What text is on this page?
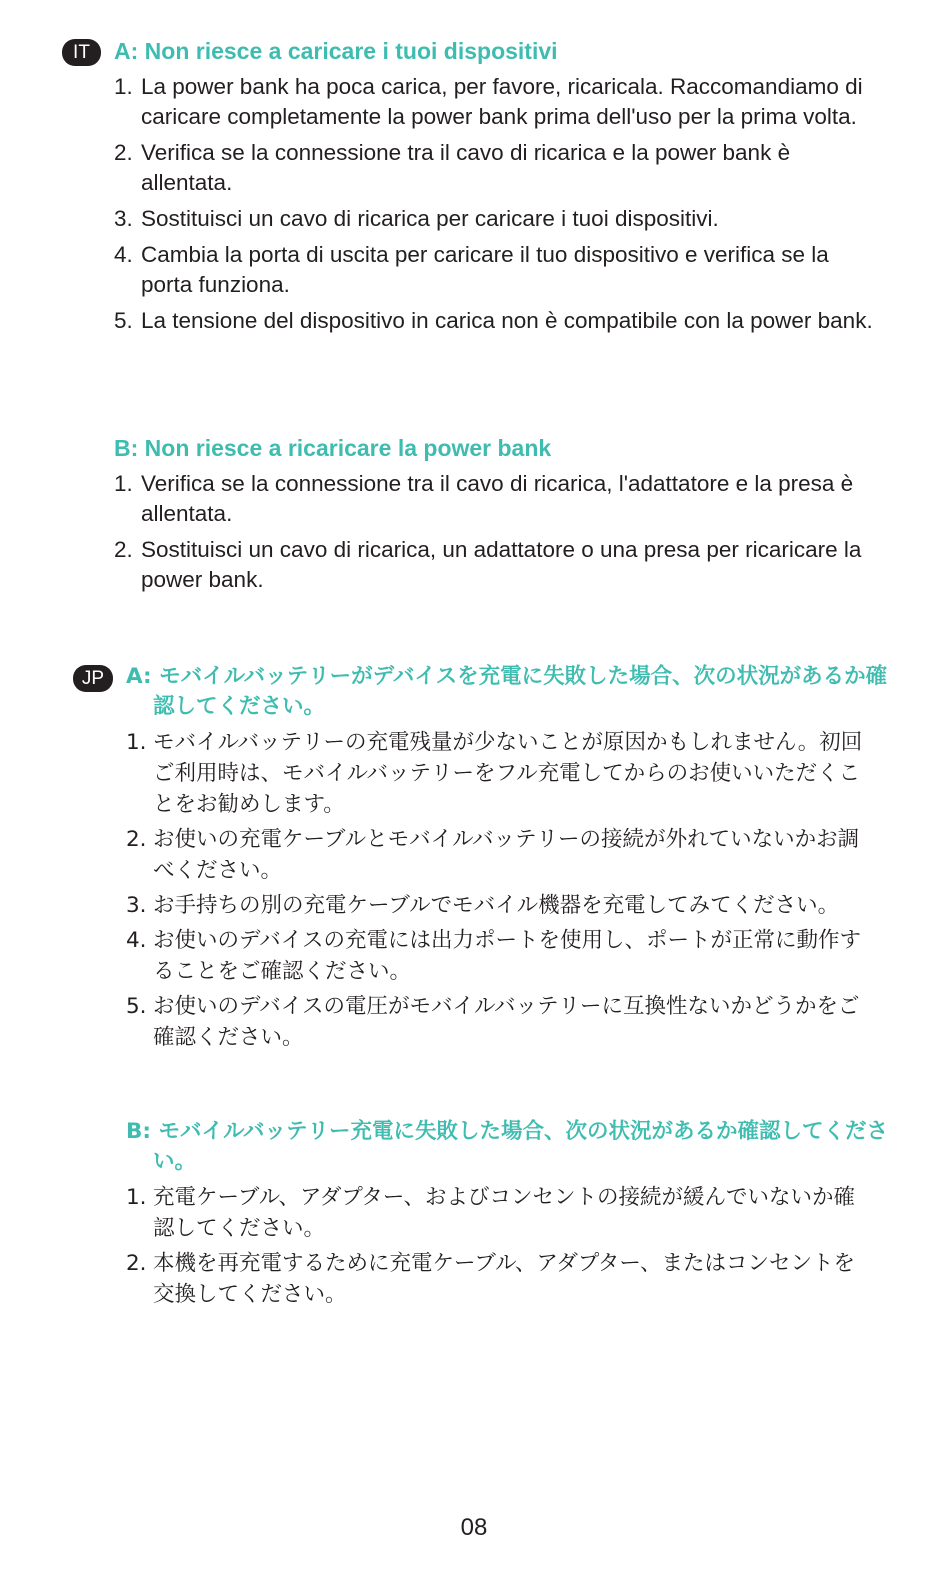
IT	A: Non riesce a caricare i tuoi dispositivi
1. La power bank ha poca carica, per favore, ricaricala. Raccomandiamo di caricare completamente la power bank prima dell'uso per la prima volta.
2. Verifica se la connessione tra il cavo di ricarica e la power bank è allentata.
3. Sostituisci un cavo di ricarica per caricare i tuoi dispositivi.
4. Cambia la porta di uscita per caricare il tuo dispositivo e verifica se la porta funziona.
5. La tensione del dispositivo in carica non è compatibile con la power bank.
B: Non riesce a ricaricare la power bank
1. Verifica se la connessione tra il cavo di ricarica, l'adattatore e la presa è allentata.
2. Sostituisci un cavo di ricarica, un adattatore o una presa per ricaricare la power bank.
JP	A: モバイルバッテリーがデバイスを充電に失敗した場合、次の状況があるか確認してください。
1. モバイルバッテリーの充電残量が少ないことが原因かもしれません。初回ご利用時は、モバイルバッテリーをフル充電してからのお使いいただくことをお勧めします。
2. お使いの充電ケーブルとモバイルバッテリーの接続が外れていないかお調べください。
3. お手持ちの別の充電ケーブルでモバイル機器を充電してみてください。
4. お使いのデバイスの充電には出力ポートを使用し、ポートが正常に動作することをご確認ください。
5. お使いのデバイスの電圧がモバイルバッテリーに互換性ないかどうかをご確認ください。
B: モバイルバッテリー充電に失敗した場合、次の状況があるか確認してください。
1. 充電ケーブル、アダプター、およびコンセントの接続が緩んでいないか確認してください。
2. 本機を再充電するために充電ケーブル、アダプター、またはコンセントを交換してください。
08
